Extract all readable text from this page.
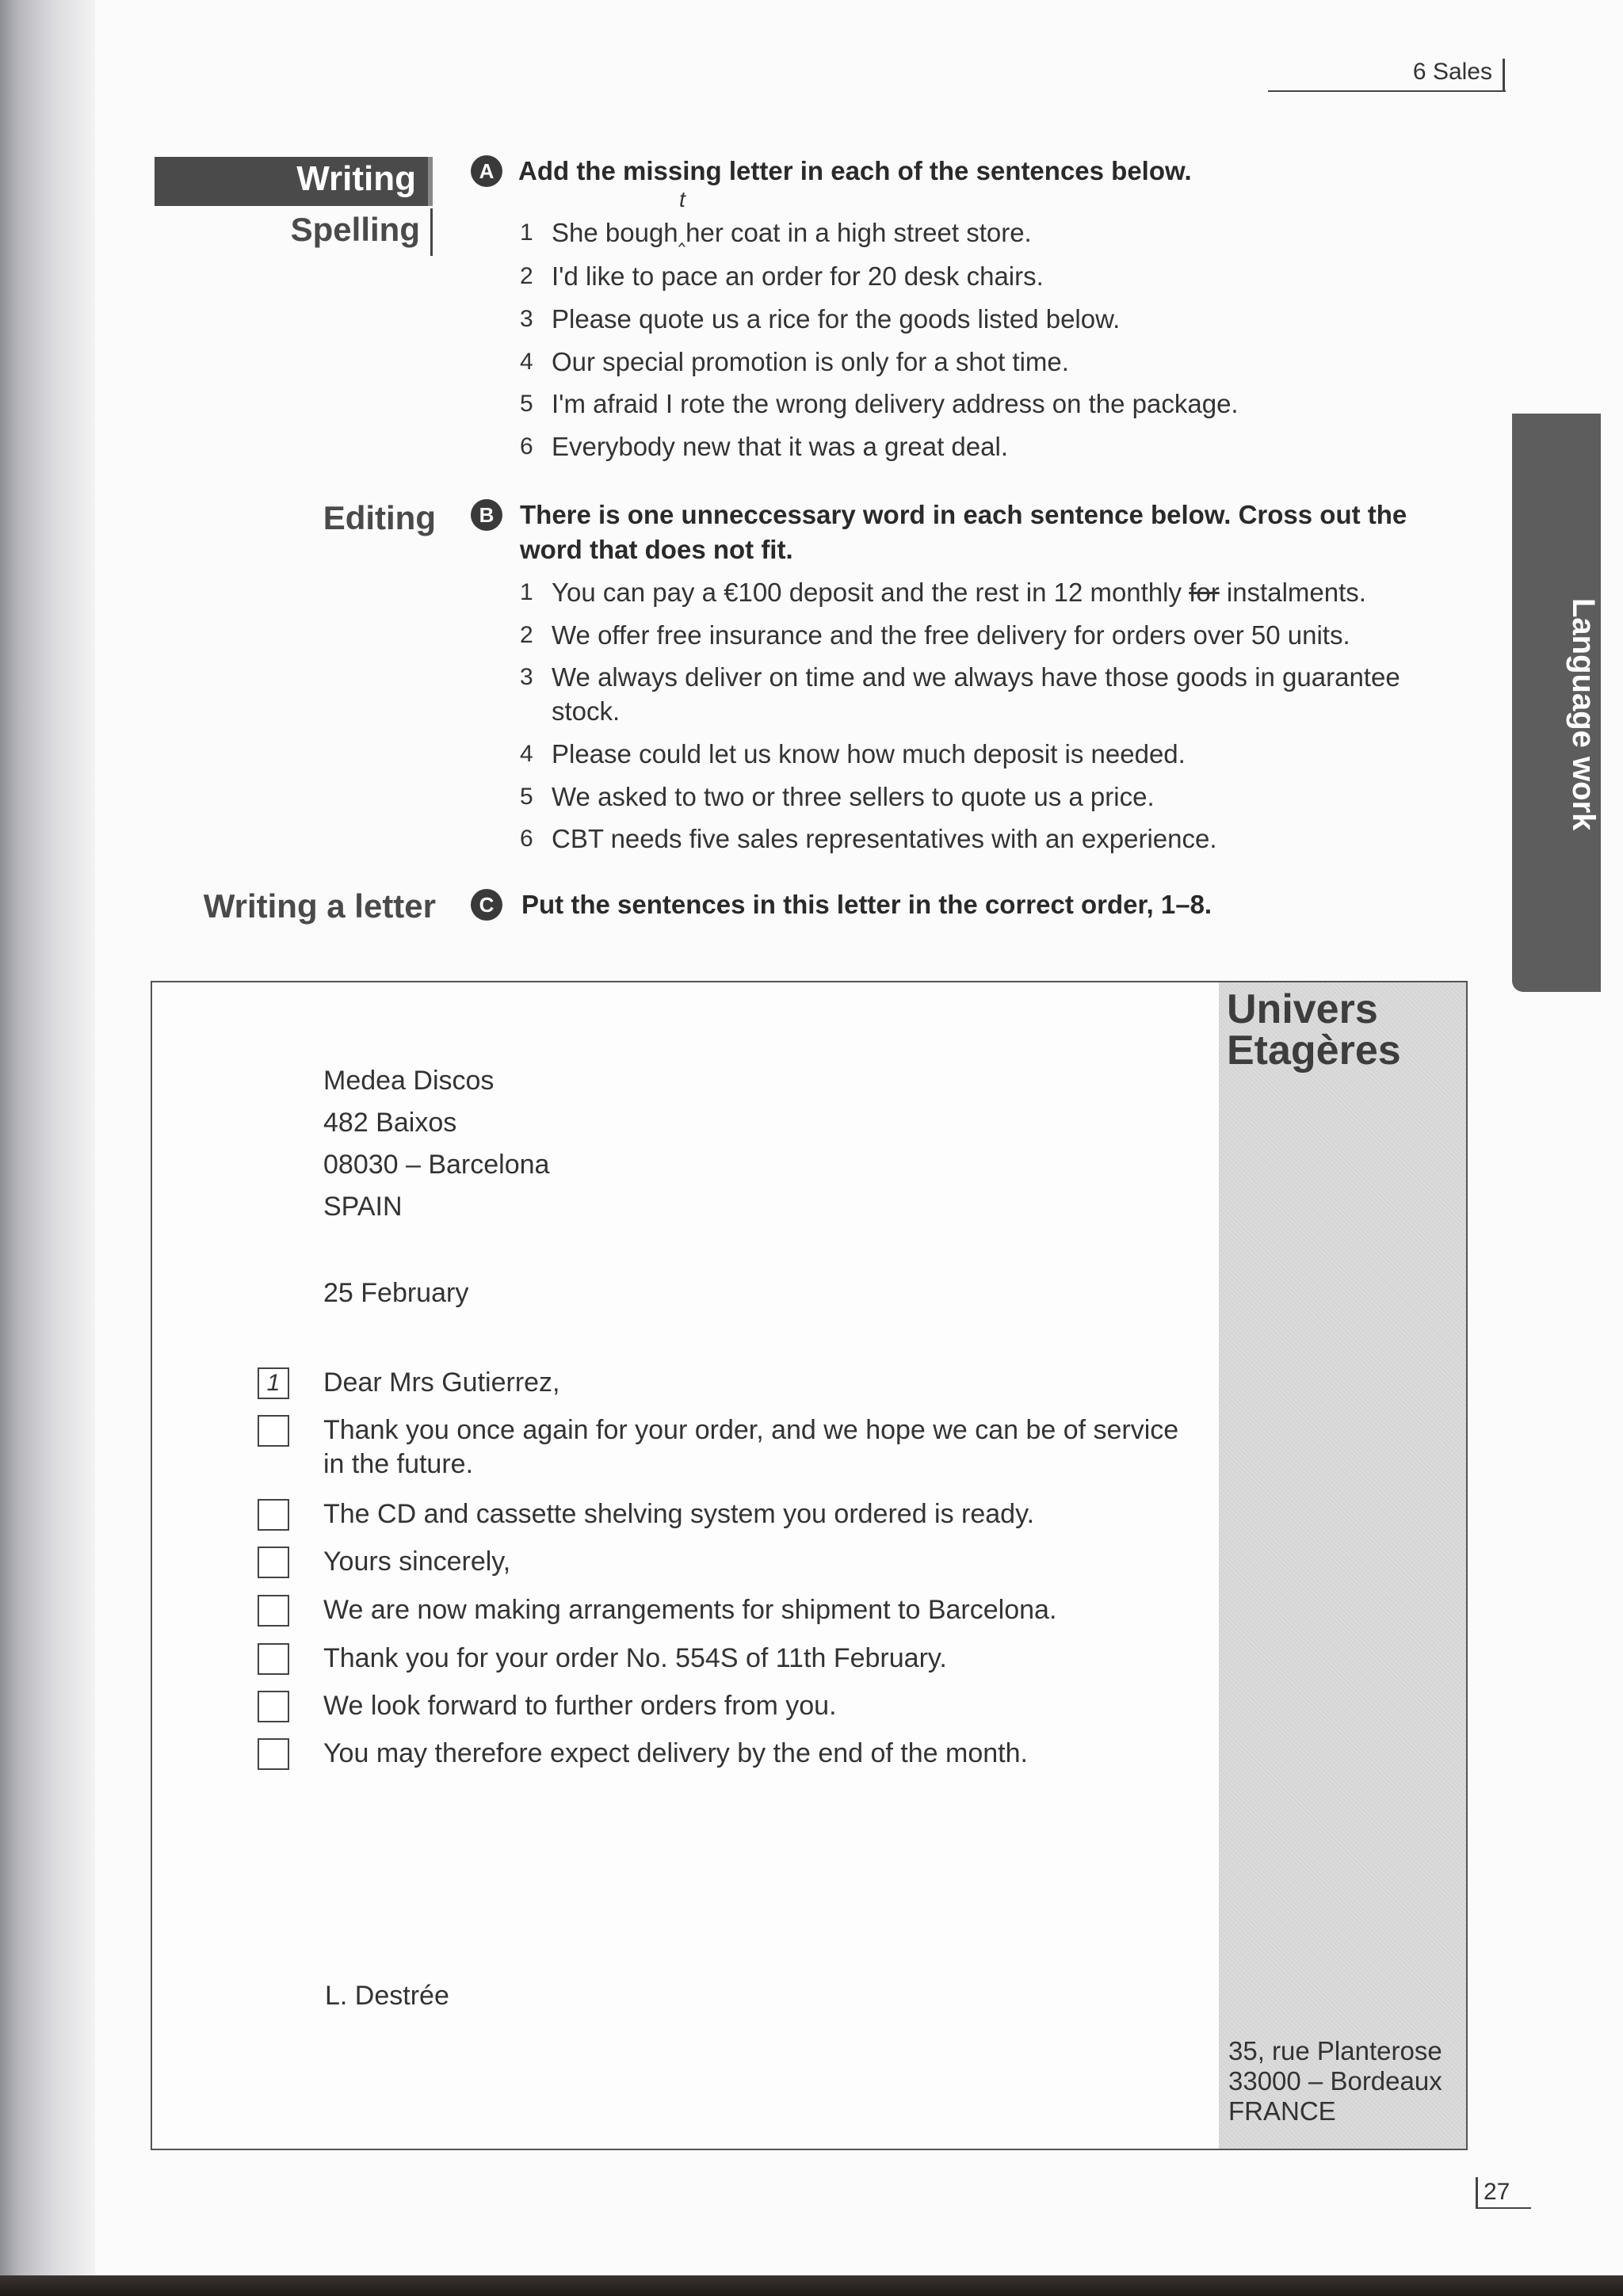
6 Sales
Language work
Writing
Spelling
Editing
Writing a letter
A Add the missing letter in each of the sentences below.
1 She bough‸her coat in a high street store.
t
2 I'd like to pace an order for 20 desk chairs.
3 Please quote us a rice for the goods listed below.
4 Our special promotion is only for a shot time.
5 I'm afraid I rote the wrong delivery address on the package.
6 Everybody new that it was a great deal.
B There is one unneccessary word in each sentence below. Cross out the word that does not fit.
1 You can pay a €100 deposit and the rest in 12 monthly for instalments.
2 We offer free insurance and the free delivery for orders over 50 units.
3 We always deliver on time and we always have those goods in guarantee stock.
4 Please could let us know how much deposit is needed.
5 We asked to two or three sellers to quote us a price.
6 CBT needs five sales representatives with an experience.
C	Put the sentences in this letter in the correct order, 1–8.
Univers
Etagères
35, rue Planterose
33000 – Bordeaux
FRANCE
Medea Discos
482 Baixos
08030 – Barcelona
SPAIN
25 February
1	Dear Mrs Gutierrez,
Thank you once again for your order, and we hope we can be of service in the future.
The CD and cassette shelving system you ordered is ready.
Yours sincerely,
We are now making arrangements for shipment to Barcelona.
Thank you for your order No. 554S of 11th February.
We look forward to further orders from you.
You may therefore expect delivery by the end of the month.
L. Destrée
27
